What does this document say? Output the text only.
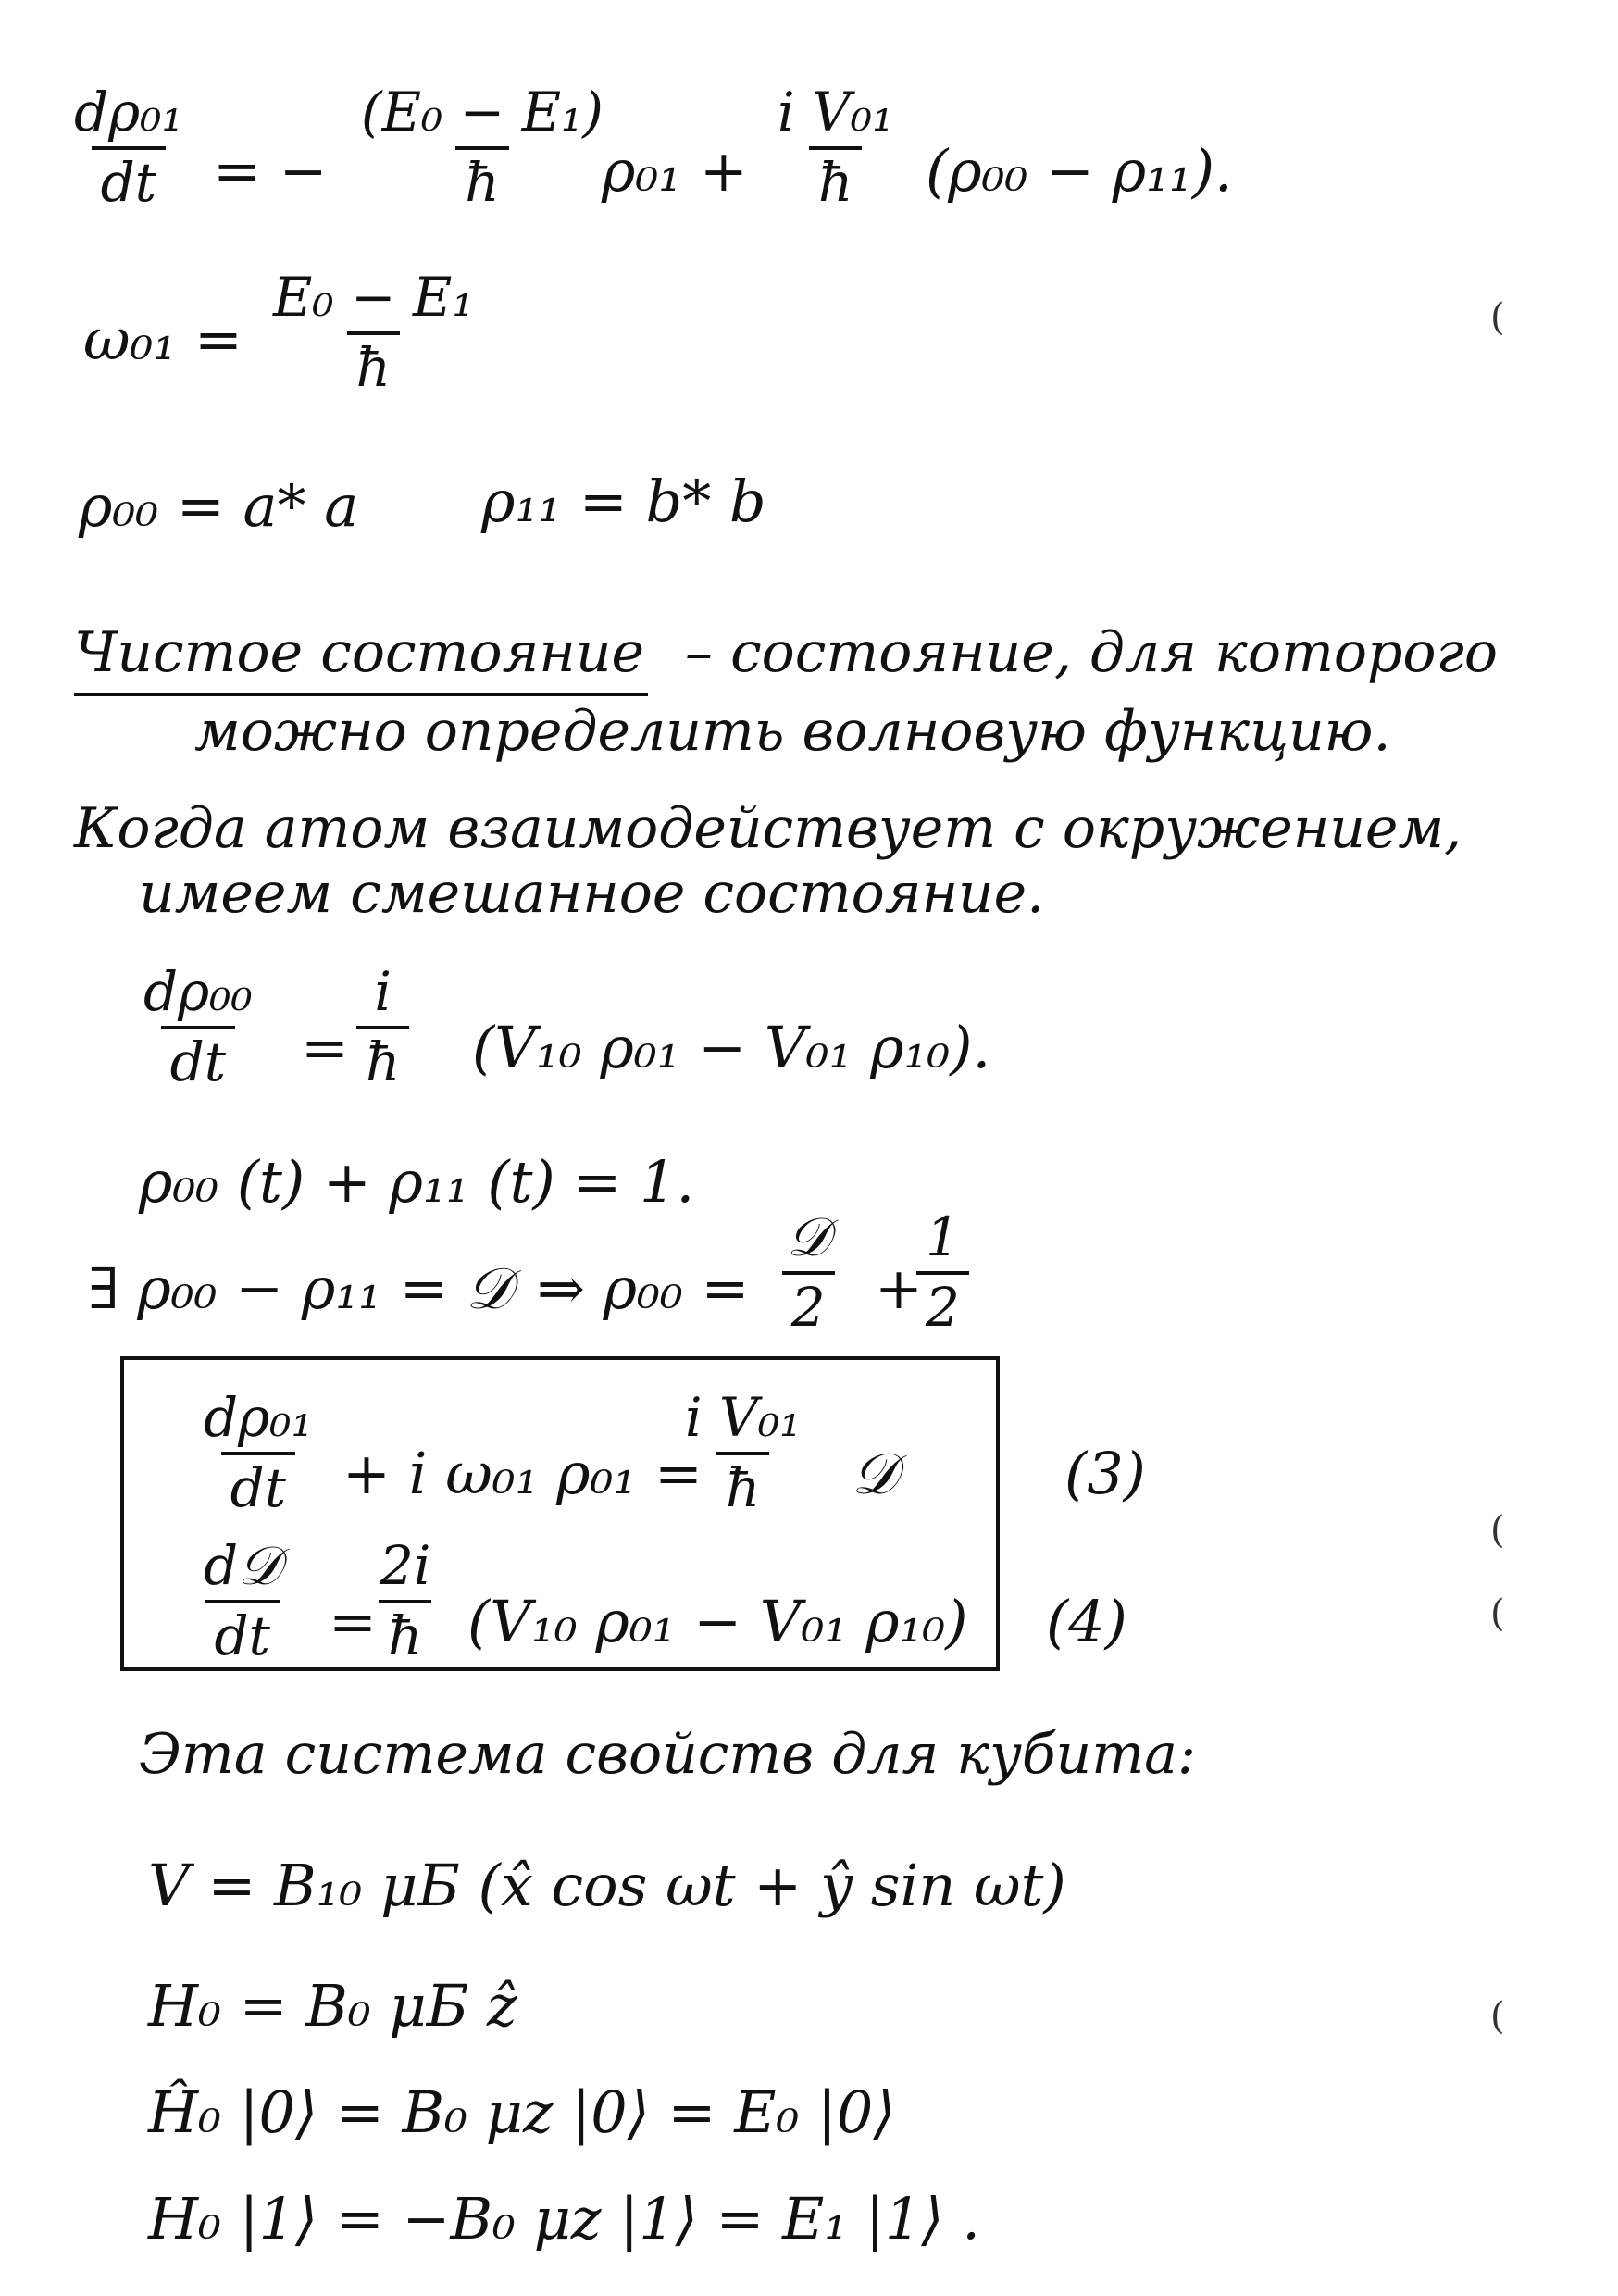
$\frac{\text{dρ₀₁}}{dt}$ = − $\frac{\text{(E₀ − E₁)}}{ħ}$
$\rho_{01} + \frac{\text{i V₀₁}}{ħ} (\rho_{00} - \rho_{11})$.
$\omega_{01} = \frac{\text{E₀ − E₁}}{ħ}$	(
ρ₀₀ = a* a ρ₁₁ = b* b
Чистое состояние – состояние, для которого
можно определить волновую функцию.
Когда атом взаимодействует с окружением,
имеем смешанное состояние.
$\frac{\text{dρ₀₀}}{dt} = \frac{i}{ħ} (V_{10}$ ρ₀₁ − V₀₁ ρ₁₀).
ρ₀₀ (t) + ρ₁₁ (t) = 1.
∃ ρ₀₀ − ρ₁₁ = 𝒟 ⇒ ρ₀₀ =
𝒟
2 +
$\frac{1}{2}$
$\frac{\text{dρ₀₁}}{dt} + i$ ω₀₁ ρ₀₁ =
$\frac{\text{i V₀₁}}{ħ}$ 𝒟	(3)
d𝒟
dt =
$\frac{2i}{ħ} (V_{10}$ ρ₀₁ − V₀₁ ρ₁₀) (4)
(
(
Эта система свойств для кубита:
V = B₁₀ μБ (x̂ cos ωt + ŷ sin ωt)
H₀ = B₀ μБ ẑ	(
Ĥ₀ |0⟩ = B₀ μz |0⟩ = E₀ |0⟩
H₀ |1⟩ = −B₀ μz |1⟩ = E₁ |1⟩ .
